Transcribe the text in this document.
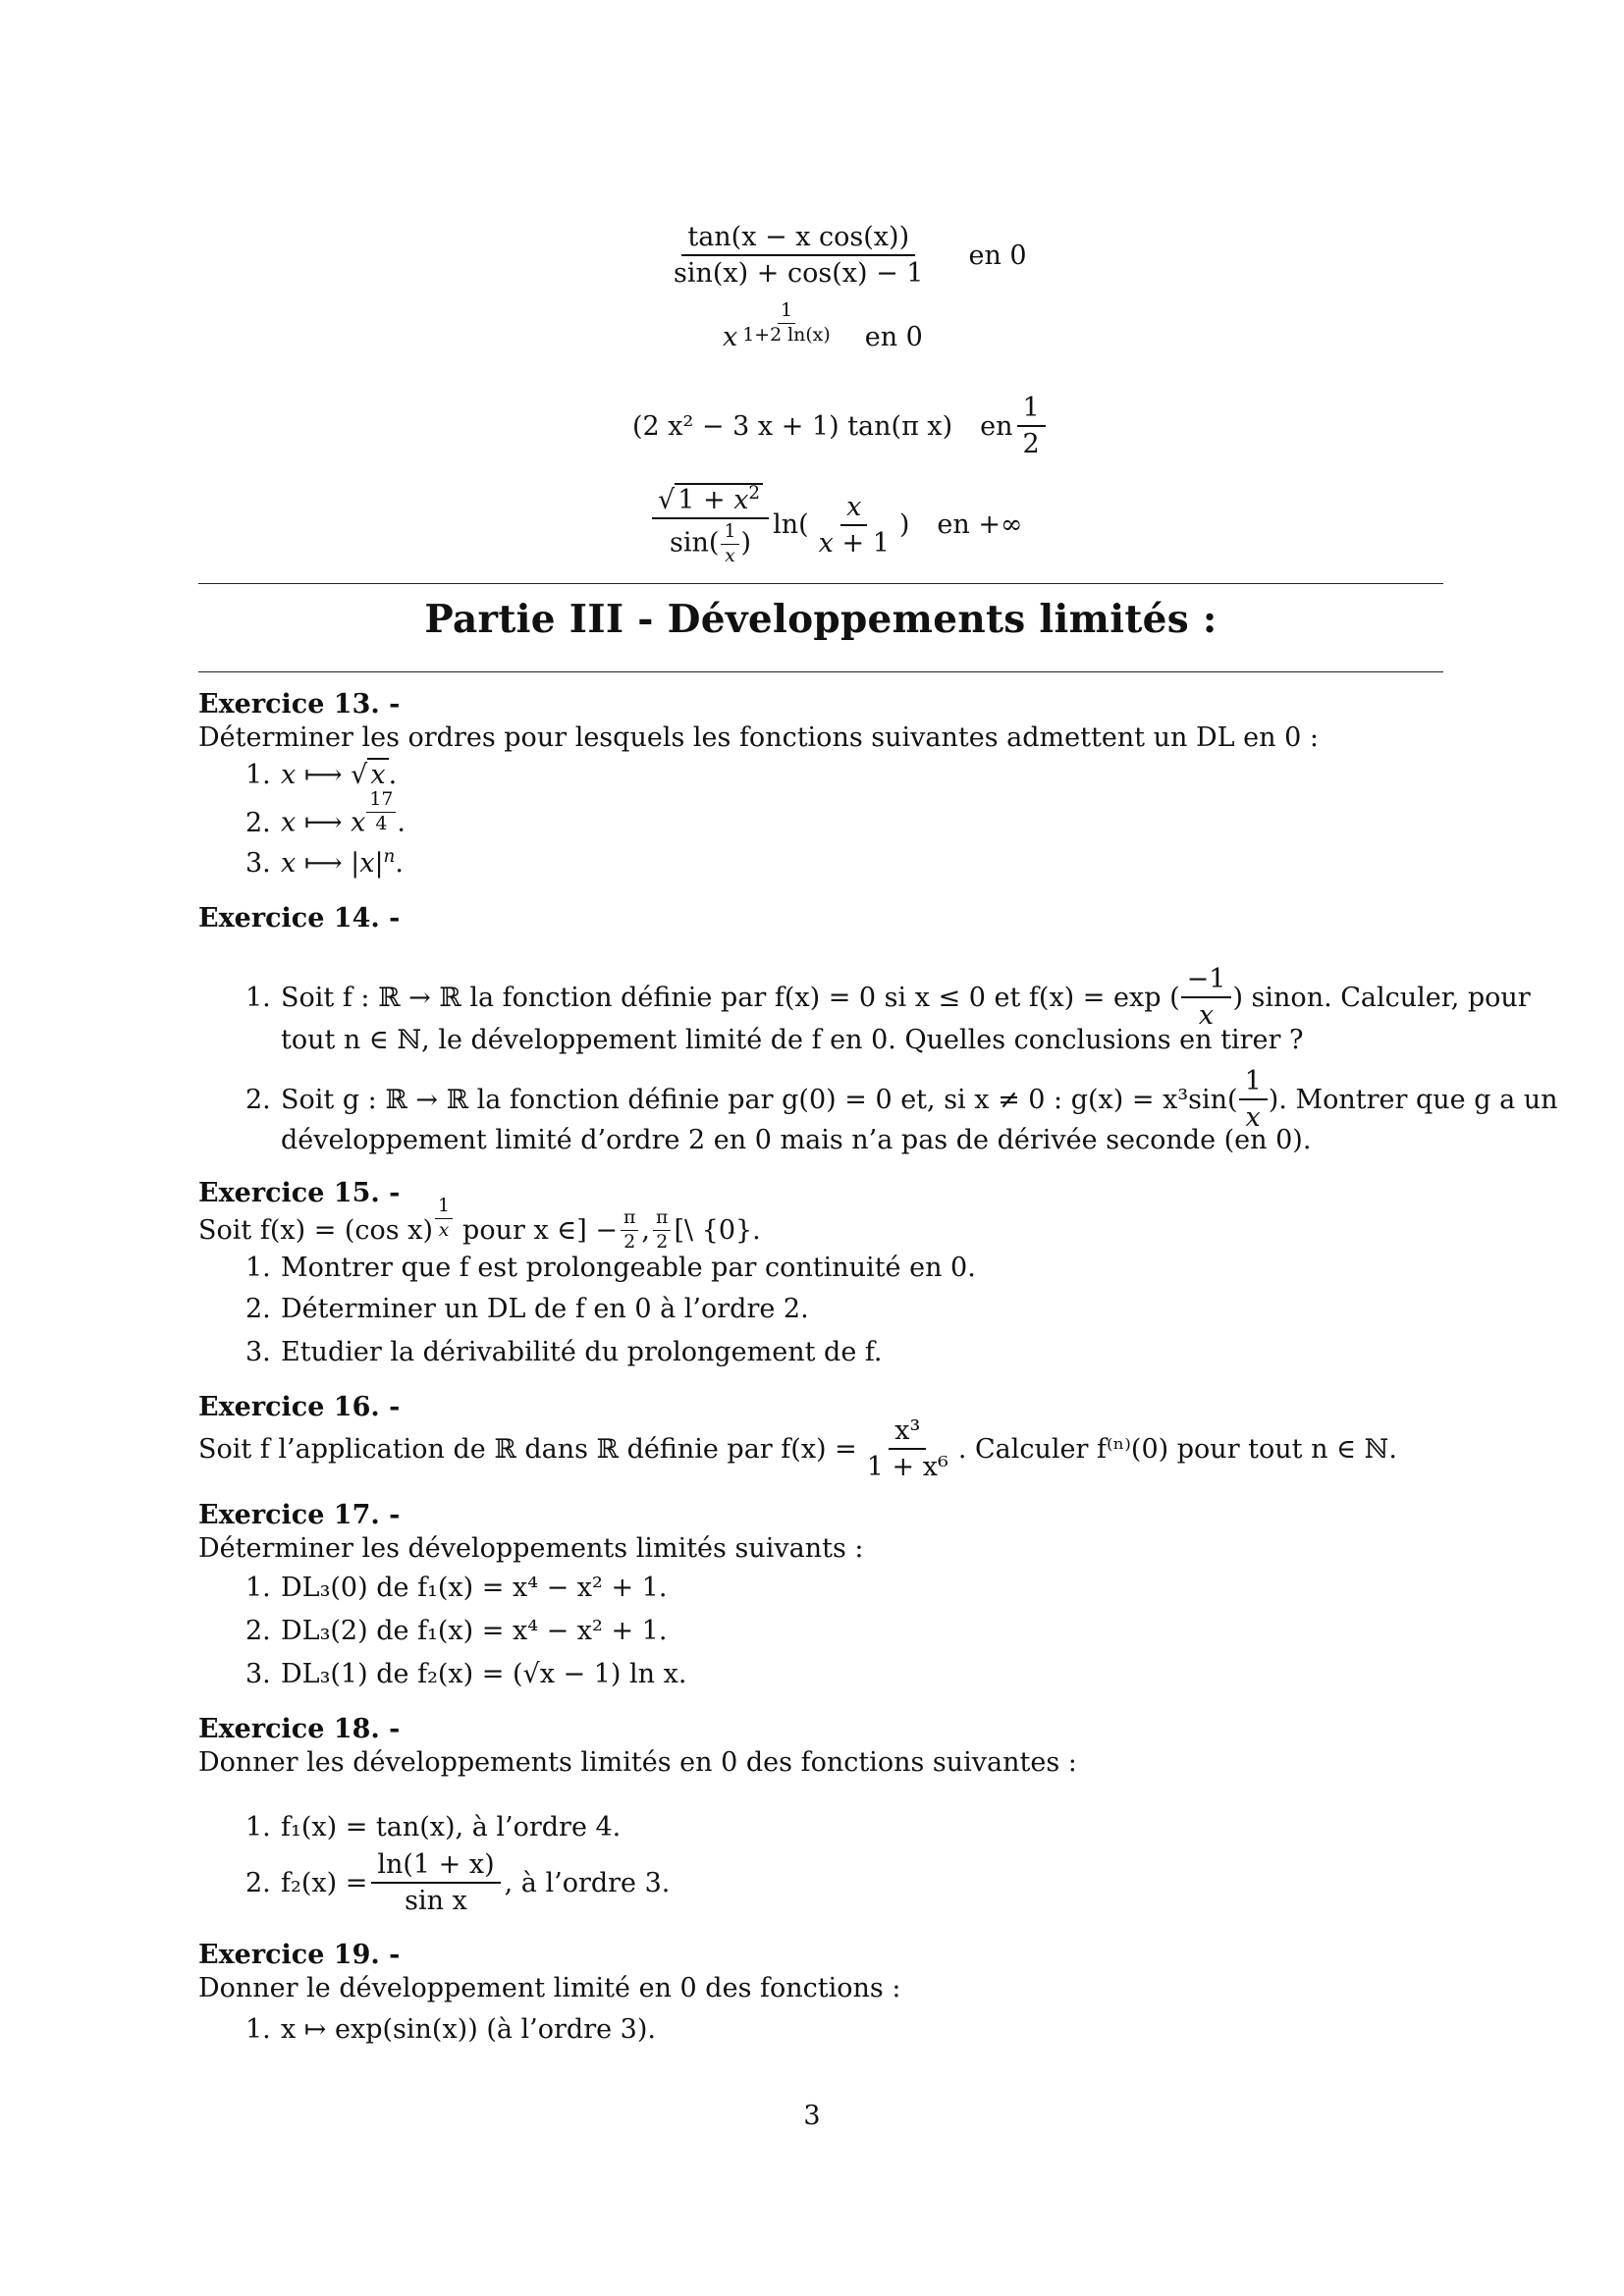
$\frac{\text{tan(x − x cos(x))}}{\sin(x) + \cos(x) - 1}$ en 0
x $\frac{1}{1+2 \ln(x)}$ en 0
(2 x² − 3 x + 1) tan(π x) en $\frac{1}{2}$
$\frac{√ 1 + x^2}{\sin( \frac{1}{x} )} \ln( \frac{x}{x + 1}$ ) en +∞
Partie III - Développements limités :
Exercice 13. -
Déterminer les ordres pour lesquels les fonctions suivantes admettent un DL en 0 :
1. x ⟼ √ x .
2. x ⟼ x $\frac{17}{4}$ .
3. x ⟼ $|x|^n$.
Exercice 14. -
1. Soit f : ℝ → ℝ la fonction définie par f(x) = 0 si x ≤ 0 et f(x) = exp ( $\frac{-1}{x}$ ) sinon. Calculer, pour
tout n ∈ ℕ, le développement limité de f en 0. Quelles conclusions en tirer ?
2. Soit g : ℝ → ℝ la fonction définie par g(0) = 0 et, si x ≠ 0 : $g(x) = x^3\sin( \frac{1}{x}$ ). Montrer que g a un
développement limité d’ordre 2 en 0 mais n’a pas de dérivée seconde (en 0).
Exercice 15. -
Soit f(x) = (cos $x) \frac{1}{x}$ pour x ∈] − $\frac{\pi}{2}$ , $\frac{\pi}{2}$ [\ {0}.
1. Montrer que f est prolongeable par continuité en 0.
2. Déterminer un DL de f en 0 à l’ordre 2.
3. Etudier la dérivabilité du prolongement de f.
Exercice 16. -
Soit f l’application de ℝ dans ℝ définie par $f(x) = \frac{\text{x³}}{\text{1 + x⁶}}$ . Calculer f⁽ⁿ⁾(0) pour tout n ∈ ℕ.
Exercice 17. -
Déterminer les développements limités suivants :
1. DL₃(0) de f₁(x) = x⁴ − x² + 1.
2. DL₃(2) de f₁(x) = x⁴ − x² + 1.
3. DL₃(1) de f₂(x) = (√x − 1) ln x.
Exercice 18. -
Donner les développements limités en 0 des fonctions suivantes :
1. f₁(x) = tan(x), à l’ordre 4.
2. $f_2(x) = \frac{\ln(1 + x)}{\text{sin x}}$ , à l’ordre 3.
Exercice 19. -
Donner le développement limité en 0 des fonctions :
1. x ↦ exp(sin(x)) (à l’ordre 3).
3
